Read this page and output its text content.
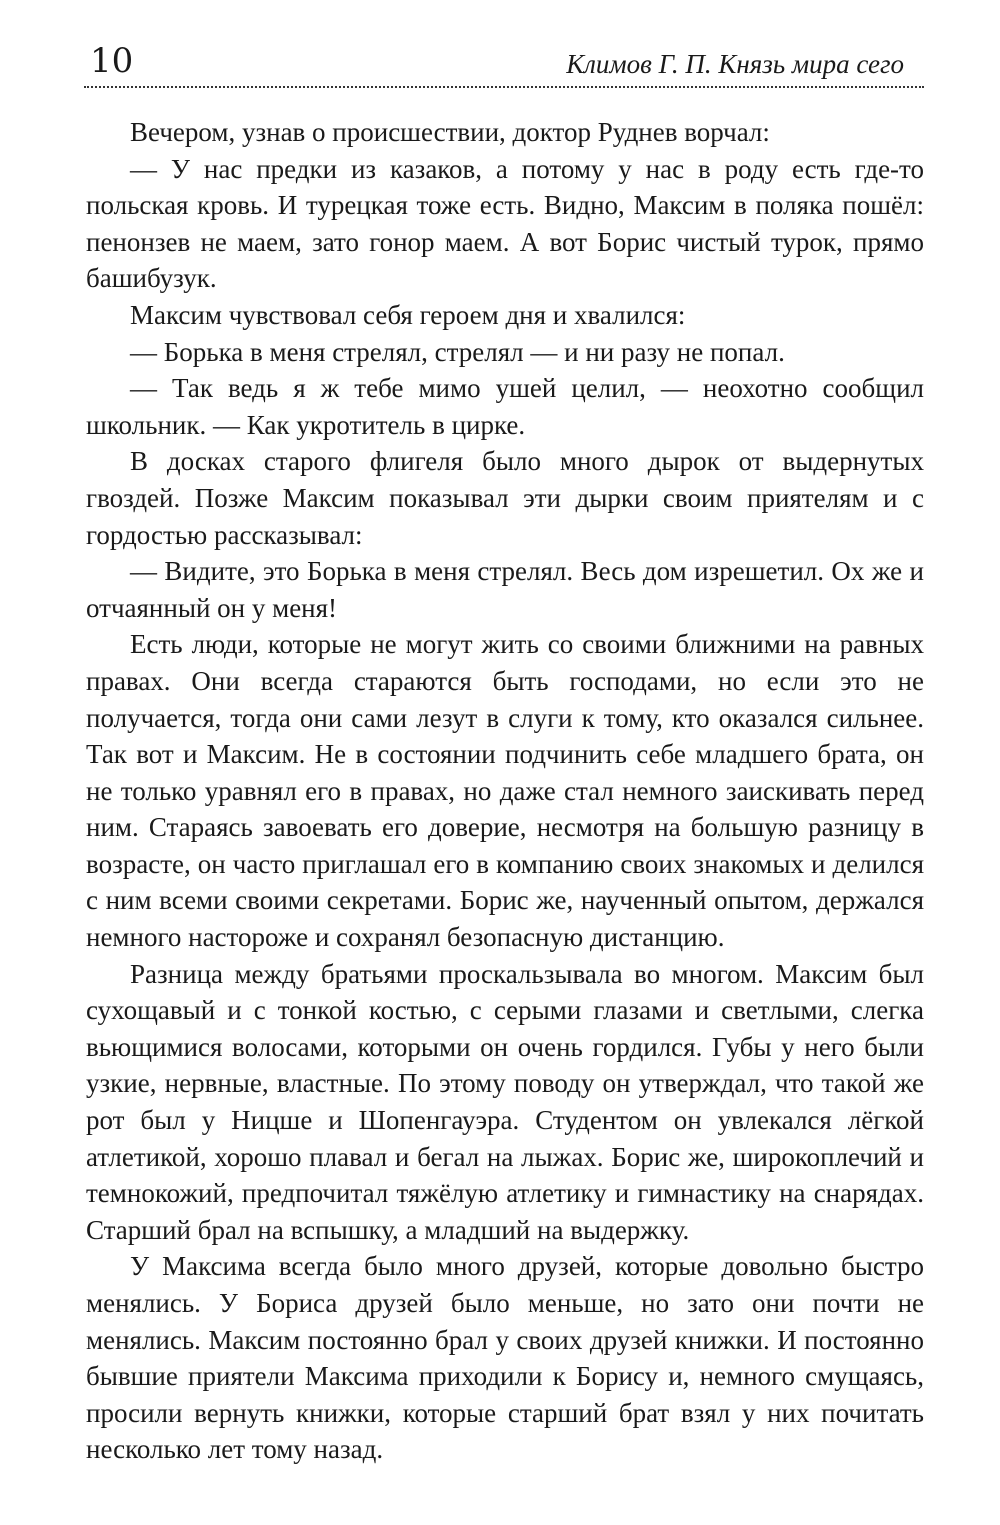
10	Климов Г. П. Князь мира сего

Вечером, узнав о происшествии, доктор Руднев ворчал:

— У нас предки из казаков, а потому у нас в роду есть где-то польская кровь. И турецкая тоже есть. Видно, Максим в поляка пошёл: пенонзев не маем, зато гонор маем. А вот Борис чистый турок, прямо башибузук.

Максим чувствовал себя героем дня и хвалился:

— Борька в меня стрелял, стрелял — и ни разу не попал.

— Так ведь я ж тебе мимо ушей целил, — неохотно сообщил школьник. — Как укротитель в цирке.

В досках старого флигеля было много дырок от выдернутых гвоздей. Позже Максим показывал эти дырки своим приятелям и с гордостью рассказывал:

— Видите, это Борька в меня стрелял. Весь дом изрешетил. Ох же и отчаянный он у меня!

Есть люди, которые не могут жить со своими ближними на равных правах. Они всегда стараются быть господами, но если это не получается, тогда они сами лезут в слуги к тому, кто оказался сильнее. Так вот и Максим. Не в состоянии подчинить себе младшего брата, он не только уравнял его в правах, но даже стал немного заискивать перед ним. Стараясь завоевать его доверие, несмотря на большую разницу в возрасте, он часто приглашал его в компанию своих знакомых и делился с ним всеми своими секретами. Борис же, наученный опытом, держался немного настороже и сохранял безопасную дистанцию.

Разница между братьями проскальзывала во многом. Максим был сухощавый и с тонкой костью, с серыми глазами и светлыми, слегка вьющимися волосами, которыми он очень гордился. Губы у него были узкие, нервные, властные. По этому поводу он утверждал, что такой же рот был у Ницше и Шопенгауэра. Студентом он увлекался лёгкой атлетикой, хорошо плавал и бегал на лыжах. Борис же, широкоплечий и темнокожий, предпочитал тяжёлую атлетику и гимнастику на снарядах. Старший брал на вспышку, а младший на выдержку.

У Максима всегда было много друзей, которые довольно быстро менялись. У Бориса друзей было меньше, но зато они почти не менялись. Максим постоянно брал у своих друзей книжки. И постоянно бывшие приятели Максима приходили к Борису и, немного смущаясь, просили вернуть книжки, которые старший брат взял у них почитать несколько лет тому назад.
